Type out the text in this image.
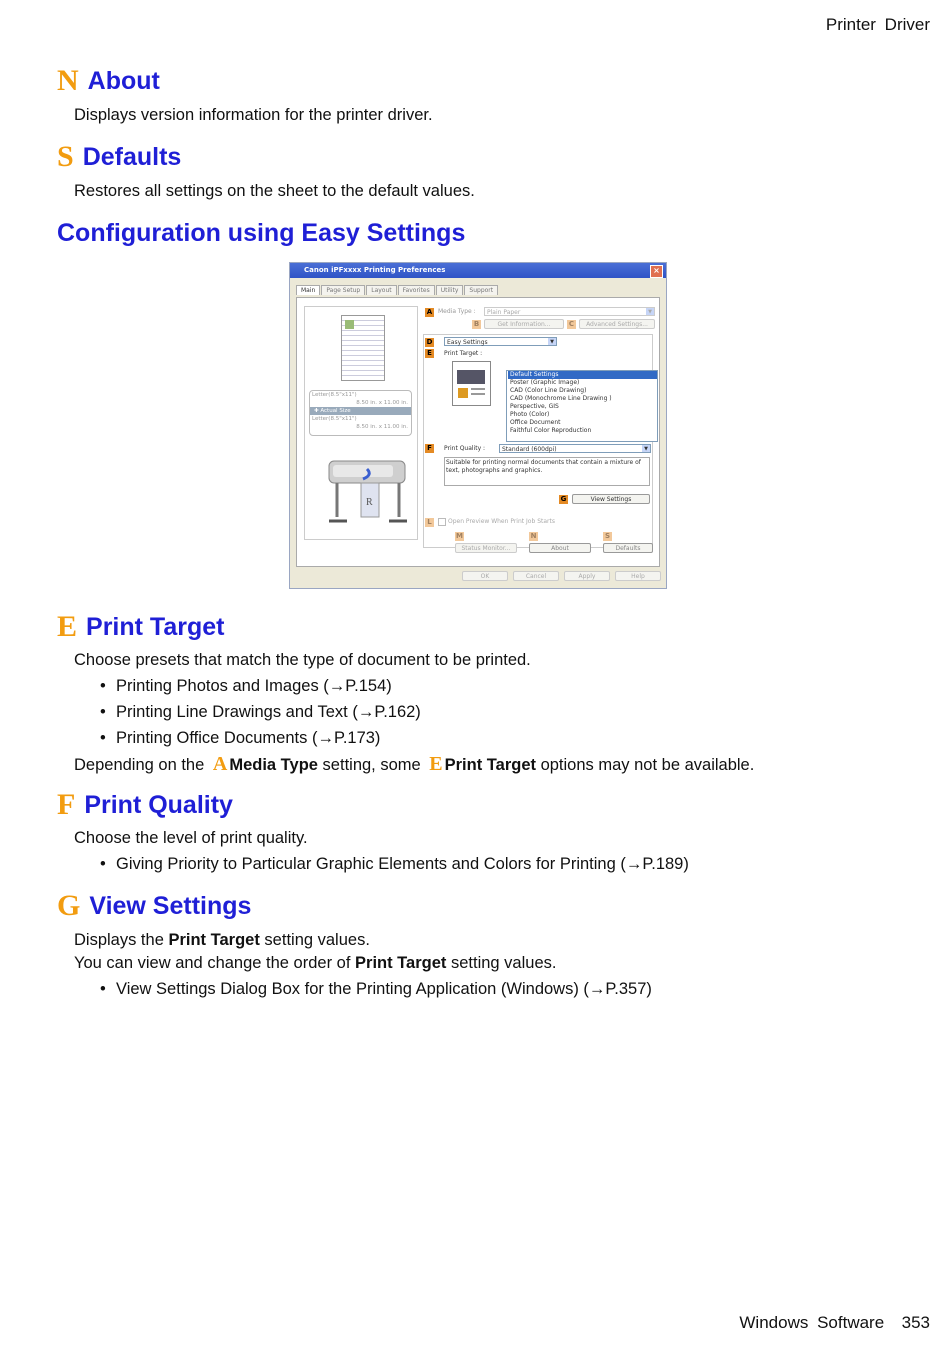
Printer Driver
N About

Displays version information for the printer driver.

S Defaults

Restores all settings on the sheet to the default values.

Configuration using Easy Settings
Canon iPFxxxx Printing Preferences	×
Main	Page Setup	Layout	Favorites	Utility	Support
Letter(8.5"x11")
8.50 in. x 11.00 in.
✚ Actual Size
Letter(8.5"x11")
8.50 in. x 11.00 in.
R
A Media Type :	Plain Paper	▼
B	Get Information...	C	Advanced Settings...
D	Easy Settings	▼
E	Print Target :
Default Settings
Poster (Graphic Image)
CAD (Color Line Drawing)
CAD (Monochrome Line Drawing )
Perspective, GIS
Photo (Color)
Office Document
Faithful Color Reproduction
F	Print Quality :	Standard (600dpi)	▼
Suitable for printing normal documents that contain a mixture of text, photographs and graphics.
G	View Settings
L	Open Preview When Print Job Starts
M	N	S
Status Monitor...	About	Defaults
OK	Cancel	Apply	Help
E Print Target

Choose presets that match the type of document to be printed.

• Printing Photos and Images (→P.154)

• Printing Line Drawings and Text (→P.162)

• Printing Office Documents (→P.173)

Depending on the A Media Type setting, some E Print Target options may not be available.

F Print Quality

Choose the level of print quality.

• Giving Priority to Particular Graphic Elements and Colors for Printing (→P.189)

G View Settings

Displays the Print Target setting values.

You can view and change the order of Print Target setting values.

• View Settings Dialog Box for the Printing Application (Windows) (→P.357)

Windows Software 353
